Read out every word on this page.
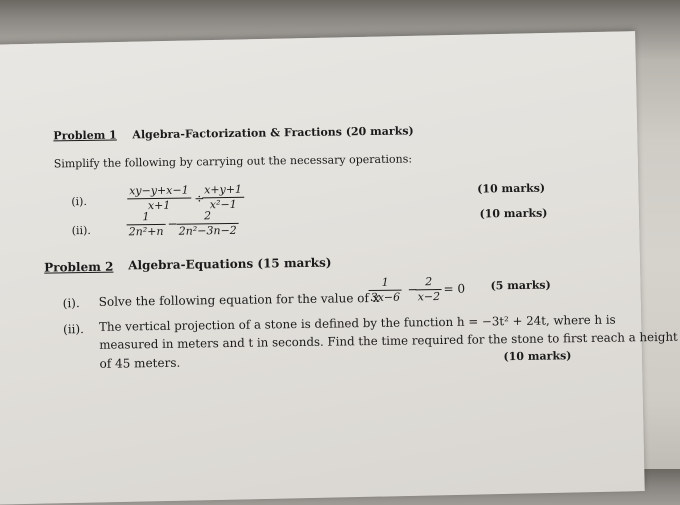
Problem 1 Algebra-Factorization & Fractions (20 marks)
Simplify the following by carrying out the necessary operations:
(i).
xy−y+x−1
x+1	÷
x+y+1
x²−1
(10 marks)
(ii).
1
2n²+n
−
2
2n²−3n−2
(10 marks)
Problem 2 Algebra-Equations (15 marks)
(i). Solve the following equation for the value of x
1
3x−6
−
2
x−2
= 0 (5 marks)
(ii). The vertical projection of a stone is defined by the function h = −3t² + 24t, where h is
measured in meters and t in seconds. Find the time required for the stone to first reach a height
(10 marks)
of 45 meters.
